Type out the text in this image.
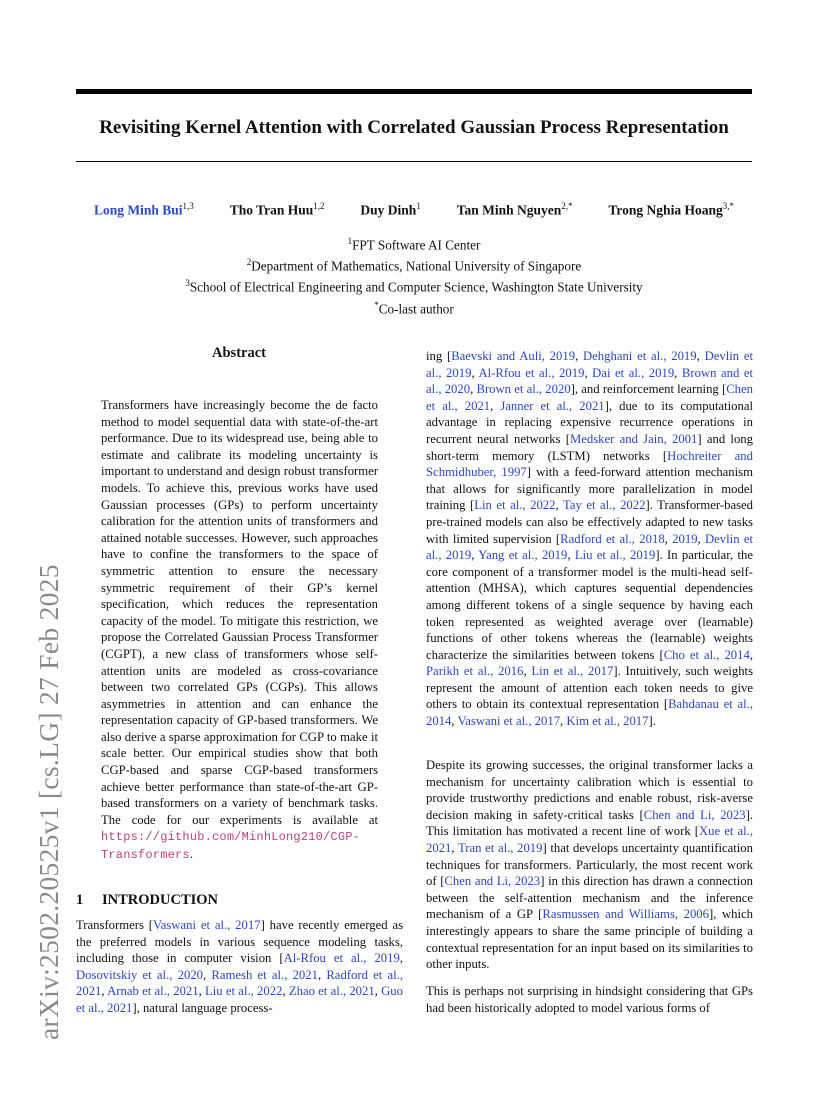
Revisiting Kernel Attention with Correlated Gaussian Process Representation
Long Minh Bui$^{1,3}$	Tho Tran Huu$^{1,2}$	Duy Dinh$^1$	Tan Minh Nguyen$^{2,*}$	Trong Nghia Hoang$^{3,*}$
$^1$FPT Software AI Center
$^2$Department of Mathematics, National University of Singapore
$^3$School of Electrical Engineering and Computer Science, Washington State University
*Co-last author
arXiv:2502.20525v1 [cs.LG] 27 Feb 2025
Abstract

Transformers have increasingly become the de facto method to model sequential data with state-of-the-art performance. Due to its widespread use, being able to estimate and calibrate its modeling uncertainty is important to understand and design robust transformer models. To achieve this, previous works have used Gaussian processes (GPs) to perform uncertainty calibration for the attention units of transformers and attained notable successes. However, such approaches have to confine the transformers to the space of symmetric attention to ensure the necessary symmetric requirement of their GP’s kernel specification, which reduces the representation capacity of the model. To mitigate this restriction, we propose the Correlated Gaussian Process Transformer (CGPT), a new class of transformers whose self-attention units are modeled as cross-covariance between two correlated GPs (CGPs). This allows asymmetries in attention and can enhance the representation capacity of GP-based transformers. We also derive a sparse approximation for CGP to make it scale better. Our empirical studies show that both CGP-based and sparse CGP-based transformers achieve better performance than state-of-the-art GP-based transformers on a variety of benchmark tasks. The code for our experiments is available at https://github.com/MinhLong210/CGP-Transformers.

1 INTRODUCTION

Transformers [Vaswani et al., 2017] have recently emerged as the preferred models in various sequence modeling tasks, including those in computer vision [Al-Rfou et al., 2019, Dosovitskiy et al., 2020, Ramesh et al., 2021, Radford et al., 2021, Arnab et al., 2021, Liu et al., 2022, Zhao et al., 2021, Guo et al., 2021], natural language process-

ing [Baevski and Auli, 2019, Dehghani et al., 2019, Devlin et al., 2019, Al-Rfou et al., 2019, Dai et al., 2019, Brown and et al., 2020, Brown et al., 2020], and reinforcement learning [Chen et al., 2021, Janner et al., 2021], due to its computational advantage in replacing expensive recurrence operations in recurrent neural networks [Medsker and Jain, 2001] and long short-term memory (LSTM) networks [Hochreiter and Schmidhuber, 1997] with a feed-forward attention mechanism that allows for significantly more parallelization in model training [Lin et al., 2022, Tay et al., 2022]. Transformer-based pre-trained models can also be effectively adapted to new tasks with limited supervision [Radford et al., 2018, 2019, Devlin et al., 2019, Yang et al., 2019, Liu et al., 2019]. In particular, the core component of a transformer model is the multi-head self-attention (MHSA), which captures sequential dependencies among different tokens of a single sequence by having each token represented as weighted average over (learnable) functions of other tokens whereas the (learnable) weights characterize the similarities between tokens [Cho et al., 2014, Parikh et al., 2016, Lin et al., 2017]. Intuitively, such weights represent the amount of attention each token needs to give others to obtain its contextual representation [Bahdanau et al., 2014, Vaswani et al., 2017, Kim et al., 2017].

Despite its growing successes, the original transformer lacks a mechanism for uncertainty calibration which is essential to provide trustworthy predictions and enable robust, risk-averse decision making in safety-critical tasks [Chen and Li, 2023]. This limitation has motivated a recent line of work [Xue et al., 2021, Tran et al., 2019] that develops uncertainty quantification techniques for transformers. Particularly, the most recent work of [Chen and Li, 2023] in this direction has drawn a connection between the self-attention mechanism and the inference mechanism of a GP [Rasmussen and Williams, 2006], which interestingly appears to share the same principle of building a contextual representation for an input based on its similarities to other inputs.

This is perhaps not surprising in hindsight considering that GPs had been historically adopted to model various forms of
